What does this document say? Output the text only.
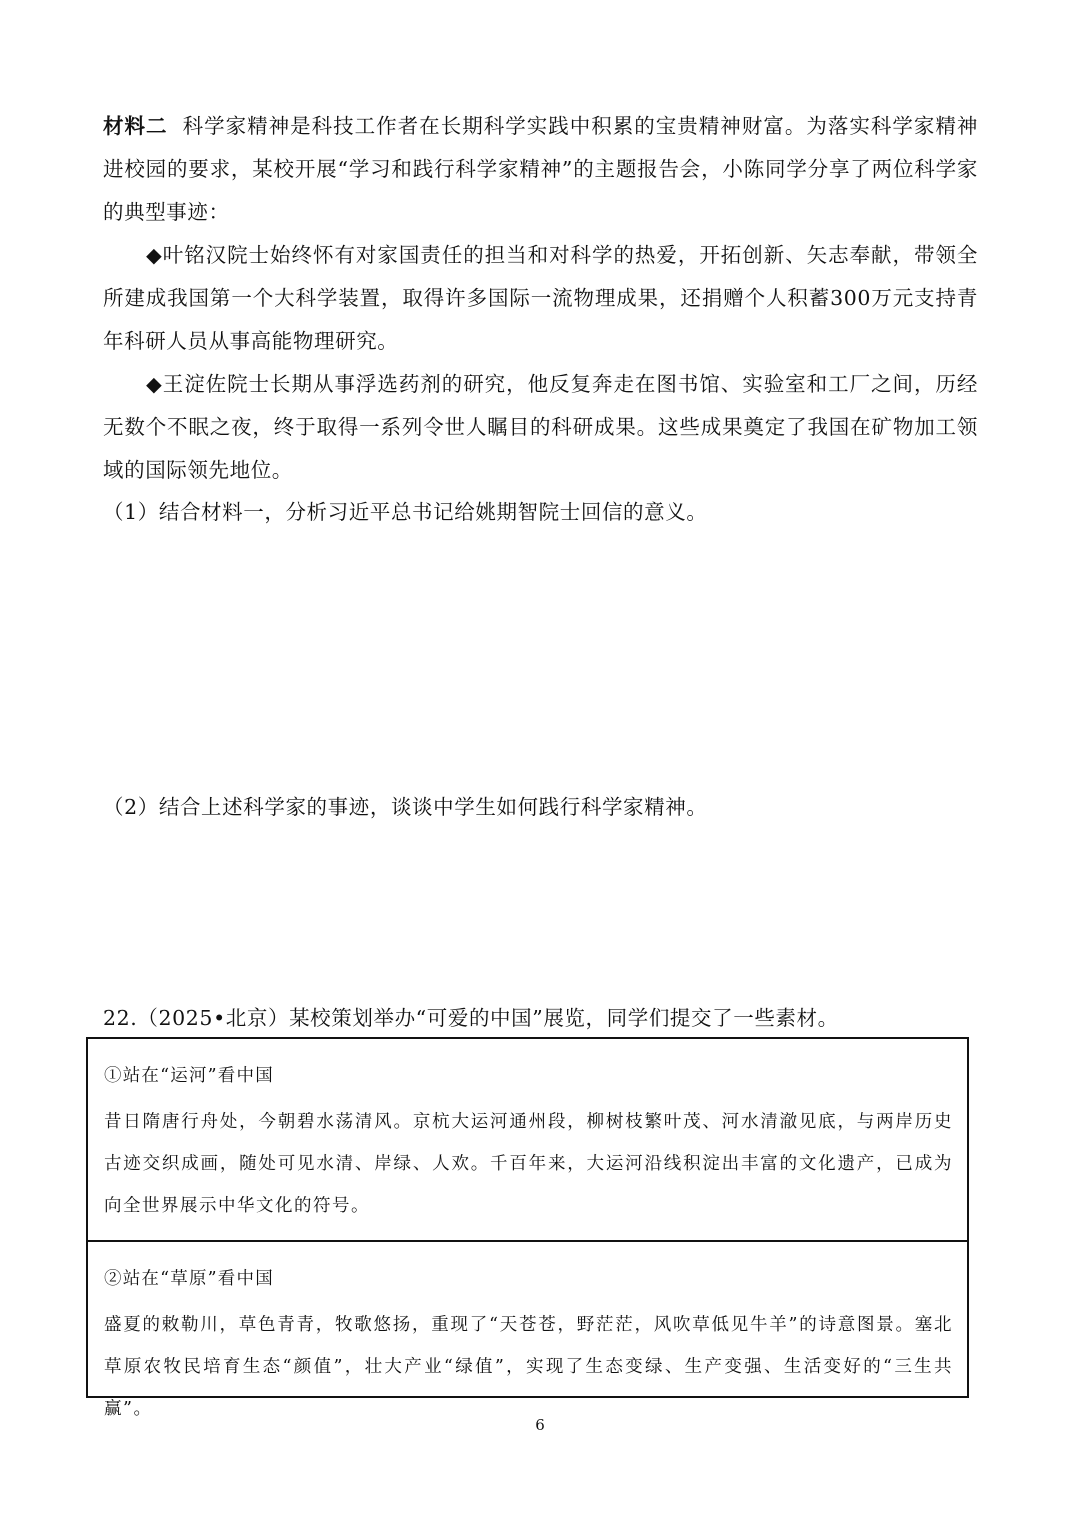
材料二 科学家精神是科技工作者在长期科学实践中积累的宝贵精神财富。为落实科学家精神进校园的要求，某校开展“学习和践行科学家精神”的主题报告会，小陈同学分享了两位科学家的典型事迹：

◆叶铭汉院士始终怀有对家国责任的担当和对科学的热爱，开拓创新、矢志奉献，带领全所建成我国第一个大科学装置，取得许多国际一流物理成果，还捐赠个人积蓄300万元支持青年科研人员从事高能物理研究。

◆王淀佐院士长期从事浮选药剂的研究，他反复奔走在图书馆、实验室和工厂之间，历经无数个不眠之夜，终于取得一系列令世人瞩目的科研成果。这些成果奠定了我国在矿物加工领域的国际领先地位。

（1）结合材料一，分析习近平总书记给姚期智院士回信的意义。

（2）结合上述科学家的事迹，谈谈中学生如何践行科学家精神。

22.（2025•北京）某校策划举办“可爱的中国”展览，同学们提交了一些素材。

①站在“运河”看中国

昔日隋唐行舟处，今朝碧水荡清风。京杭大运河通州段，柳树枝繁叶茂、河水清澈见底，与两岸历史古迹交织成画，随处可见水清、岸绿、人欢。千百年来，大运河沿线积淀出丰富的文化遗产，已成为向全世界展示中华文化的符号。

②站在“草原”看中国

盛夏的敕勒川，草色青青，牧歌悠扬，重现了“天苍苍，野茫茫，风吹草低见牛羊”的诗意图景。塞北草原农牧民培育生态“颜值”，壮大产业“绿值”，实现了生态变绿、生产变强、生活变好的“三生共赢”。

6
